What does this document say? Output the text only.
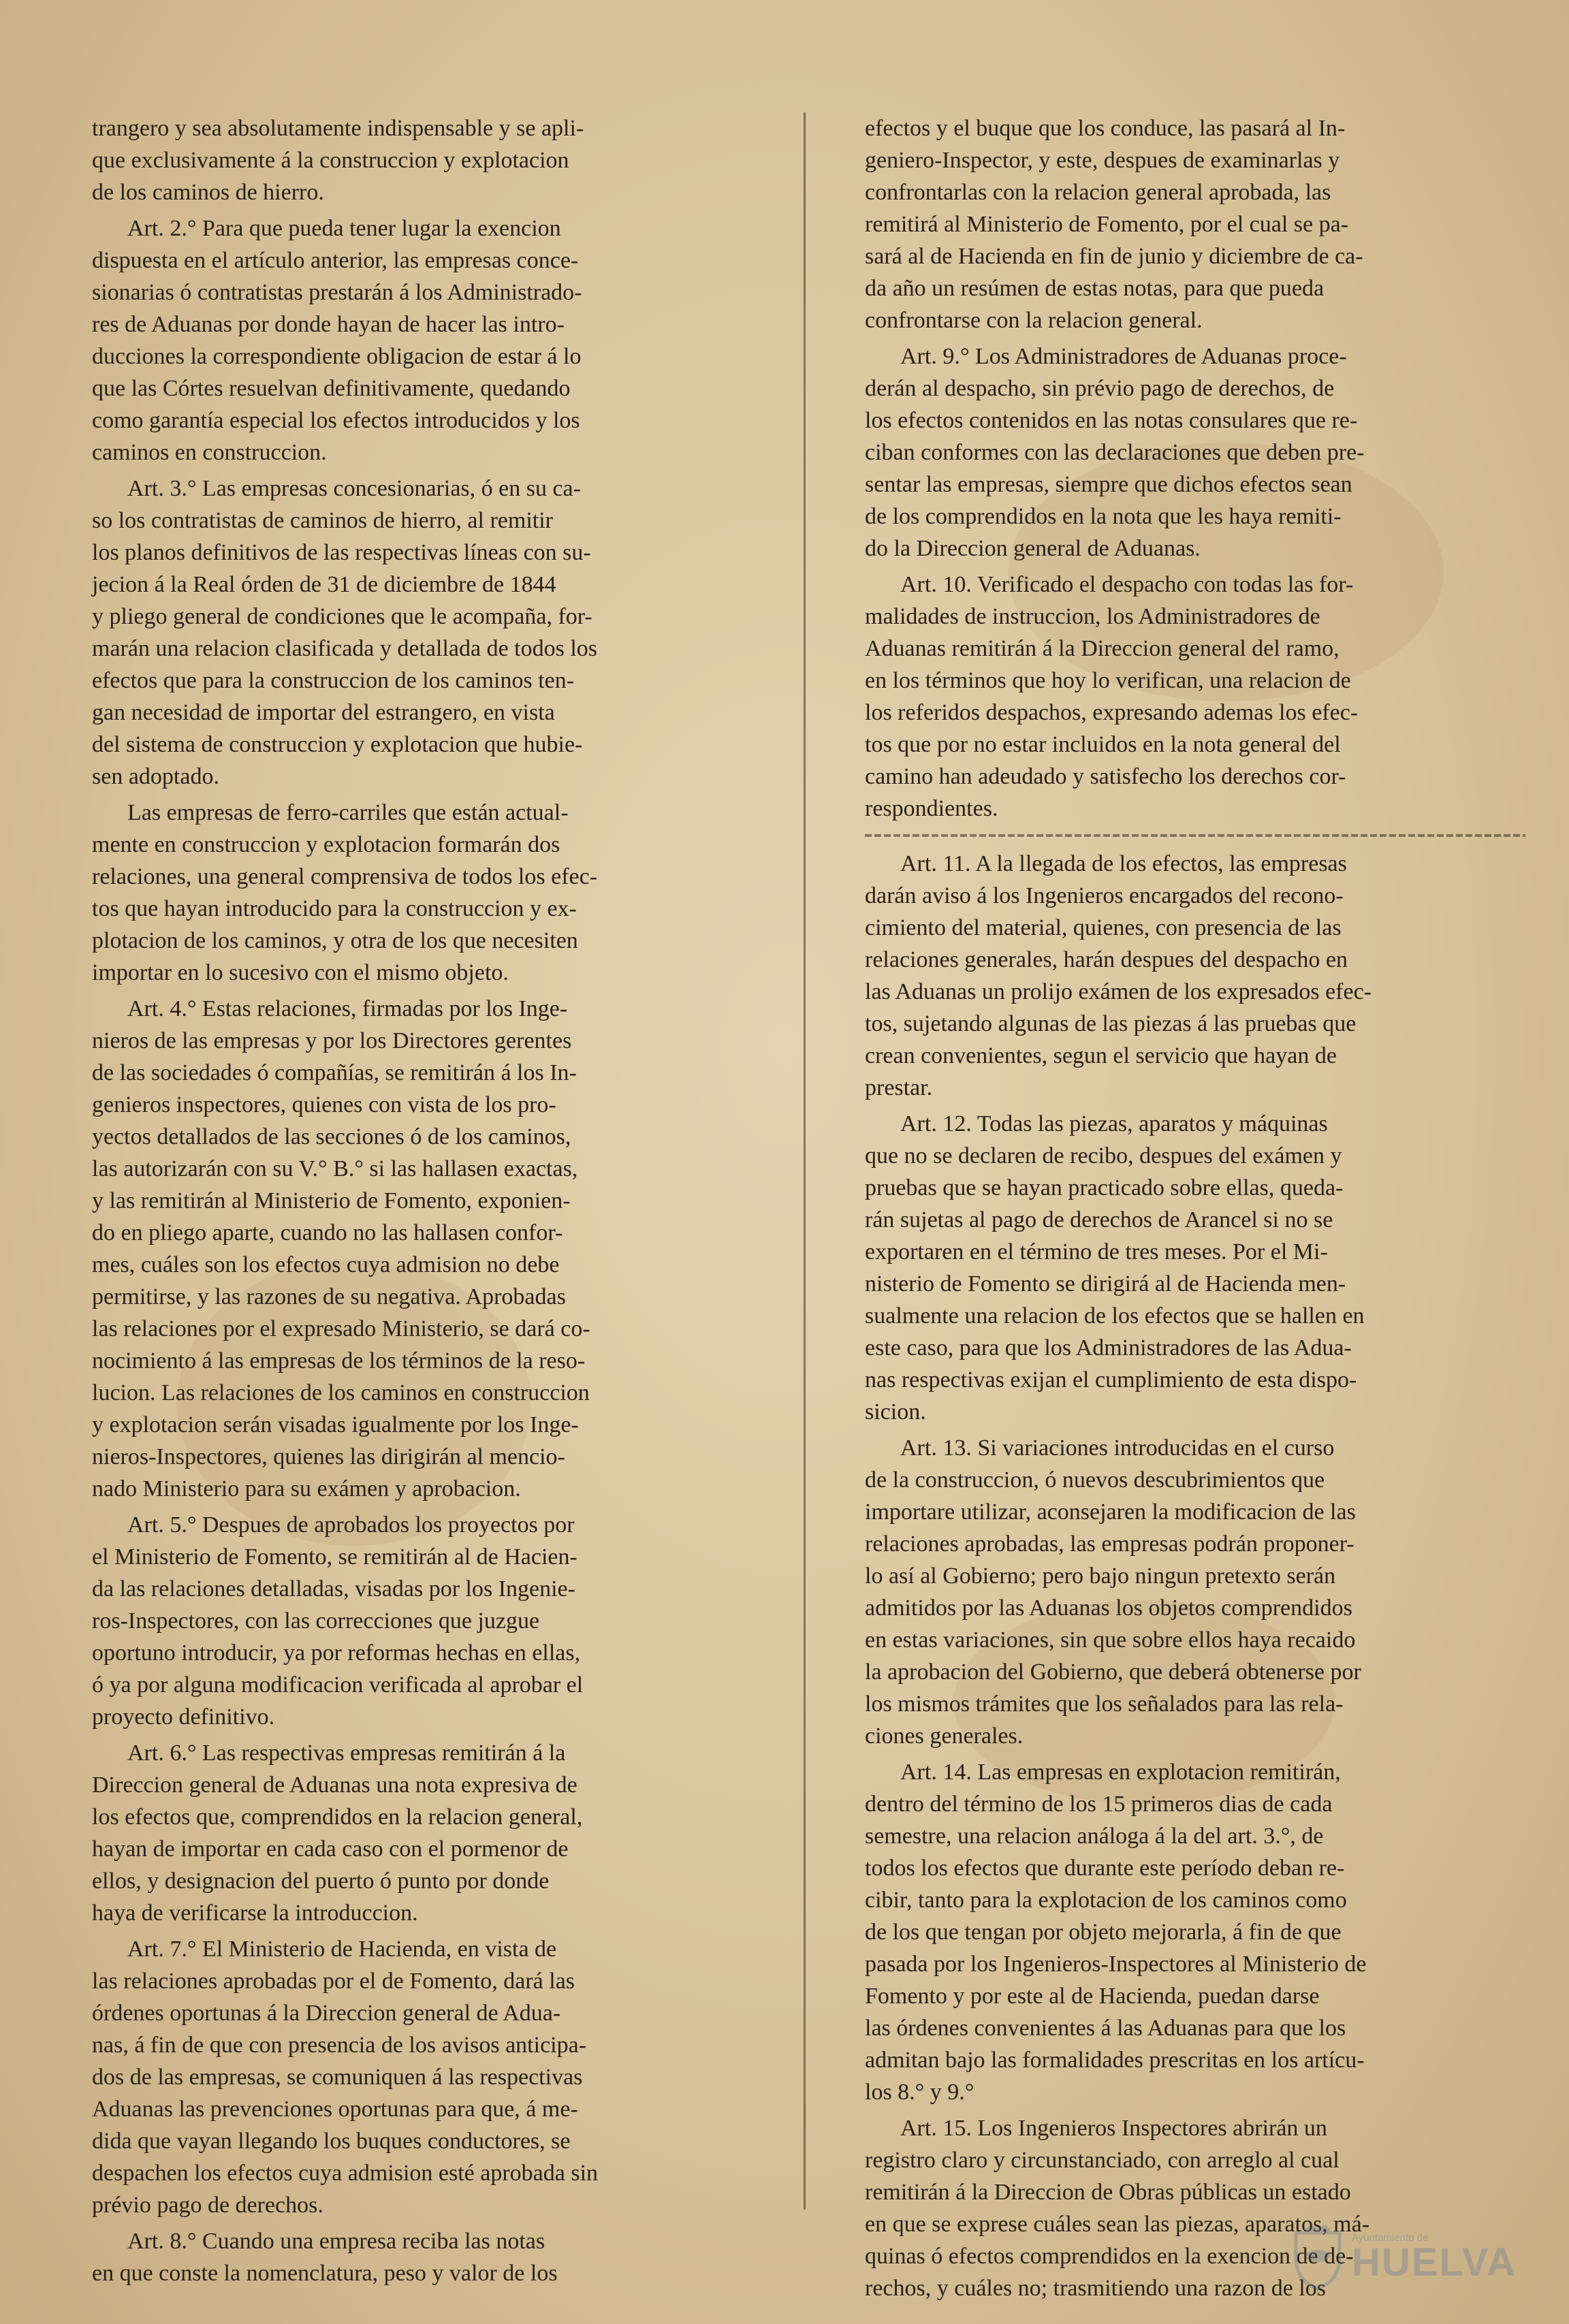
trangero y sea absolutamente indispensable y se apli-
que exclusivamente á la construccion y explotacion
de los caminos de hierro.

Art. 2.° Para que pueda tener lugar la exencion
dispuesta en el artículo anterior, las empresas conce-
sionarias ó contratistas prestarán á los Administrado-
res de Aduanas por donde hayan de hacer las intro-
ducciones la correspondiente obligacion de estar á lo
que las Córtes resuelvan definitivamente, quedando
como garantía especial los efectos introducidos y los
caminos en construccion.

Art. 3.° Las empresas concesionarias, ó en su ca-
so los contratistas de caminos de hierro, al remitir
los planos definitivos de las respectivas líneas con su-
jecion á la Real órden de 31 de diciembre de 1844
y pliego general de condiciones que le acompaña, for-
marán una relacion clasificada y detallada de todos los
efectos que para la construccion de los caminos ten-
gan necesidad de importar del estrangero, en vista
del sistema de construccion y explotacion que hubie-
sen adoptado.

Las empresas de ferro-carriles que están actual-
mente en construccion y explotacion formarán dos
relaciones, una general comprensiva de todos los efec-
tos que hayan introducido para la construccion y ex-
plotacion de los caminos, y otra de los que necesiten
importar en lo sucesivo con el mismo objeto.

Art. 4.° Estas relaciones, firmadas por los Inge-
nieros de las empresas y por los Directores gerentes
de las sociedades ó compañías, se remitirán á los In-
genieros inspectores, quienes con vista de los pro-
yectos detallados de las secciones ó de los caminos,
las autorizarán con su V.° B.° si las hallasen exactas,
y las remitirán al Ministerio de Fomento, exponien-
do en pliego aparte, cuando no las hallasen confor-
mes, cuáles son los efectos cuya admision no debe
permitirse, y las razones de su negativa. Aprobadas
las relaciones por el expresado Ministerio, se dará co-
nocimiento á las empresas de los términos de la reso-
lucion. Las relaciones de los caminos en construccion
y explotacion serán visadas igualmente por los Inge-
nieros-Inspectores, quienes las dirigirán al mencio-
nado Ministerio para su exámen y aprobacion.

Art. 5.° Despues de aprobados los proyectos por
el Ministerio de Fomento, se remitirán al de Hacien-
da las relaciones detalladas, visadas por los Ingenie-
ros-Inspectores, con las correcciones que juzgue
oportuno introducir, ya por reformas hechas en ellas,
ó ya por alguna modificacion verificada al aprobar el
proyecto definitivo.

Art. 6.° Las respectivas empresas remitirán á la
Direccion general de Aduanas una nota expresiva de
los efectos que, comprendidos en la relacion general,
hayan de importar en cada caso con el pormenor de
ellos, y designacion del puerto ó punto por donde
haya de verificarse la introduccion.

Art. 7.° El Ministerio de Hacienda, en vista de
las relaciones aprobadas por el de Fomento, dará las
órdenes oportunas á la Direccion general de Adua-
nas, á fin de que con presencia de los avisos anticipa-
dos de las empresas, se comuniquen á las respectivas
Aduanas las prevenciones oportunas para que, á me-
dida que vayan llegando los buques conductores, se
despachen los efectos cuya admision esté aprobada sin
prévio pago de derechos.

Art. 8.° Cuando una empresa reciba las notas
en que conste la nomenclatura, peso y valor de los

efectos y el buque que los conduce, las pasará al In-
geniero-Inspector, y este, despues de examinarlas y
confrontarlas con la relacion general aprobada, las
remitirá al Ministerio de Fomento, por el cual se pa-
sará al de Hacienda en fin de junio y diciembre de ca-
da año un resúmen de estas notas, para que pueda
confrontarse con la relacion general.

Art. 9.° Los Administradores de Aduanas proce-
derán al despacho, sin prévio pago de derechos, de
los efectos contenidos en las notas consulares que re-
ciban conformes con las declaraciones que deben pre-
sentar las empresas, siempre que dichos efectos sean
de los comprendidos en la nota que les haya remiti-
do la Direccion general de Aduanas.

Art. 10. Verificado el despacho con todas las for-
malidades de instruccion, los Administradores de
Aduanas remitirán á la Direccion general del ramo,
en los términos que hoy lo verifican, una relacion de
los referidos despachos, expresando ademas los efec-
tos que por no estar incluidos en la nota general del
camino han adeudado y satisfecho los derechos cor-
respondientes.

Art. 11. A la llegada de los efectos, las empresas
darán aviso á los Ingenieros encargados del recono-
cimiento del material, quienes, con presencia de las
relaciones generales, harán despues del despacho en
las Aduanas un prolijo exámen de los expresados efec-
tos, sujetando algunas de las piezas á las pruebas que
crean convenientes, segun el servicio que hayan de
prestar.

Art. 12. Todas las piezas, aparatos y máquinas
que no se declaren de recibo, despues del exámen y
pruebas que se hayan practicado sobre ellas, queda-
rán sujetas al pago de derechos de Arancel si no se
exportaren en el término de tres meses. Por el Mi-
nisterio de Fomento se dirigirá al de Hacienda men-
sualmente una relacion de los efectos que se hallen en
este caso, para que los Administradores de las Adua-
nas respectivas exijan el cumplimiento de esta dispo-
sicion.

Art. 13. Si variaciones introducidas en el curso
de la construccion, ó nuevos descubrimientos que
importare utilizar, aconsejaren la modificacion de las
relaciones aprobadas, las empresas podrán proponer-
lo así al Gobierno; pero bajo ningun pretexto serán
admitidos por las Aduanas los objetos comprendidos
en estas variaciones, sin que sobre ellos haya recaido
la aprobacion del Gobierno, que deberá obtenerse por
los mismos trámites que los señalados para las rela-
ciones generales.

Art. 14. Las empresas en explotacion remitirán,
dentro del término de los 15 primeros dias de cada
semestre, una relacion análoga á la del art. 3.°, de
todos los efectos que durante este período deban re-
cibir, tanto para la explotacion de los caminos como
de los que tengan por objeto mejorarla, á fin de que
pasada por los Ingenieros-Inspectores al Ministerio de
Fomento y por este al de Hacienda, puedan darse
las órdenes convenientes á las Aduanas para que los
admitan bajo las formalidades prescritas en los artícu-
los 8.° y 9.°

Art. 15. Los Ingenieros Inspectores abrirán un
registro claro y circunstanciado, con arreglo al cual
remitirán á la Direccion de Obras públicas un estado
en que se exprese cuáles sean las piezas, aparatos, má-
quinas ó efectos comprendidos en la exencion de-
rechos, y cuáles no; trasmitiendo una razon de los

Ayuntamiento de
HUELVA
